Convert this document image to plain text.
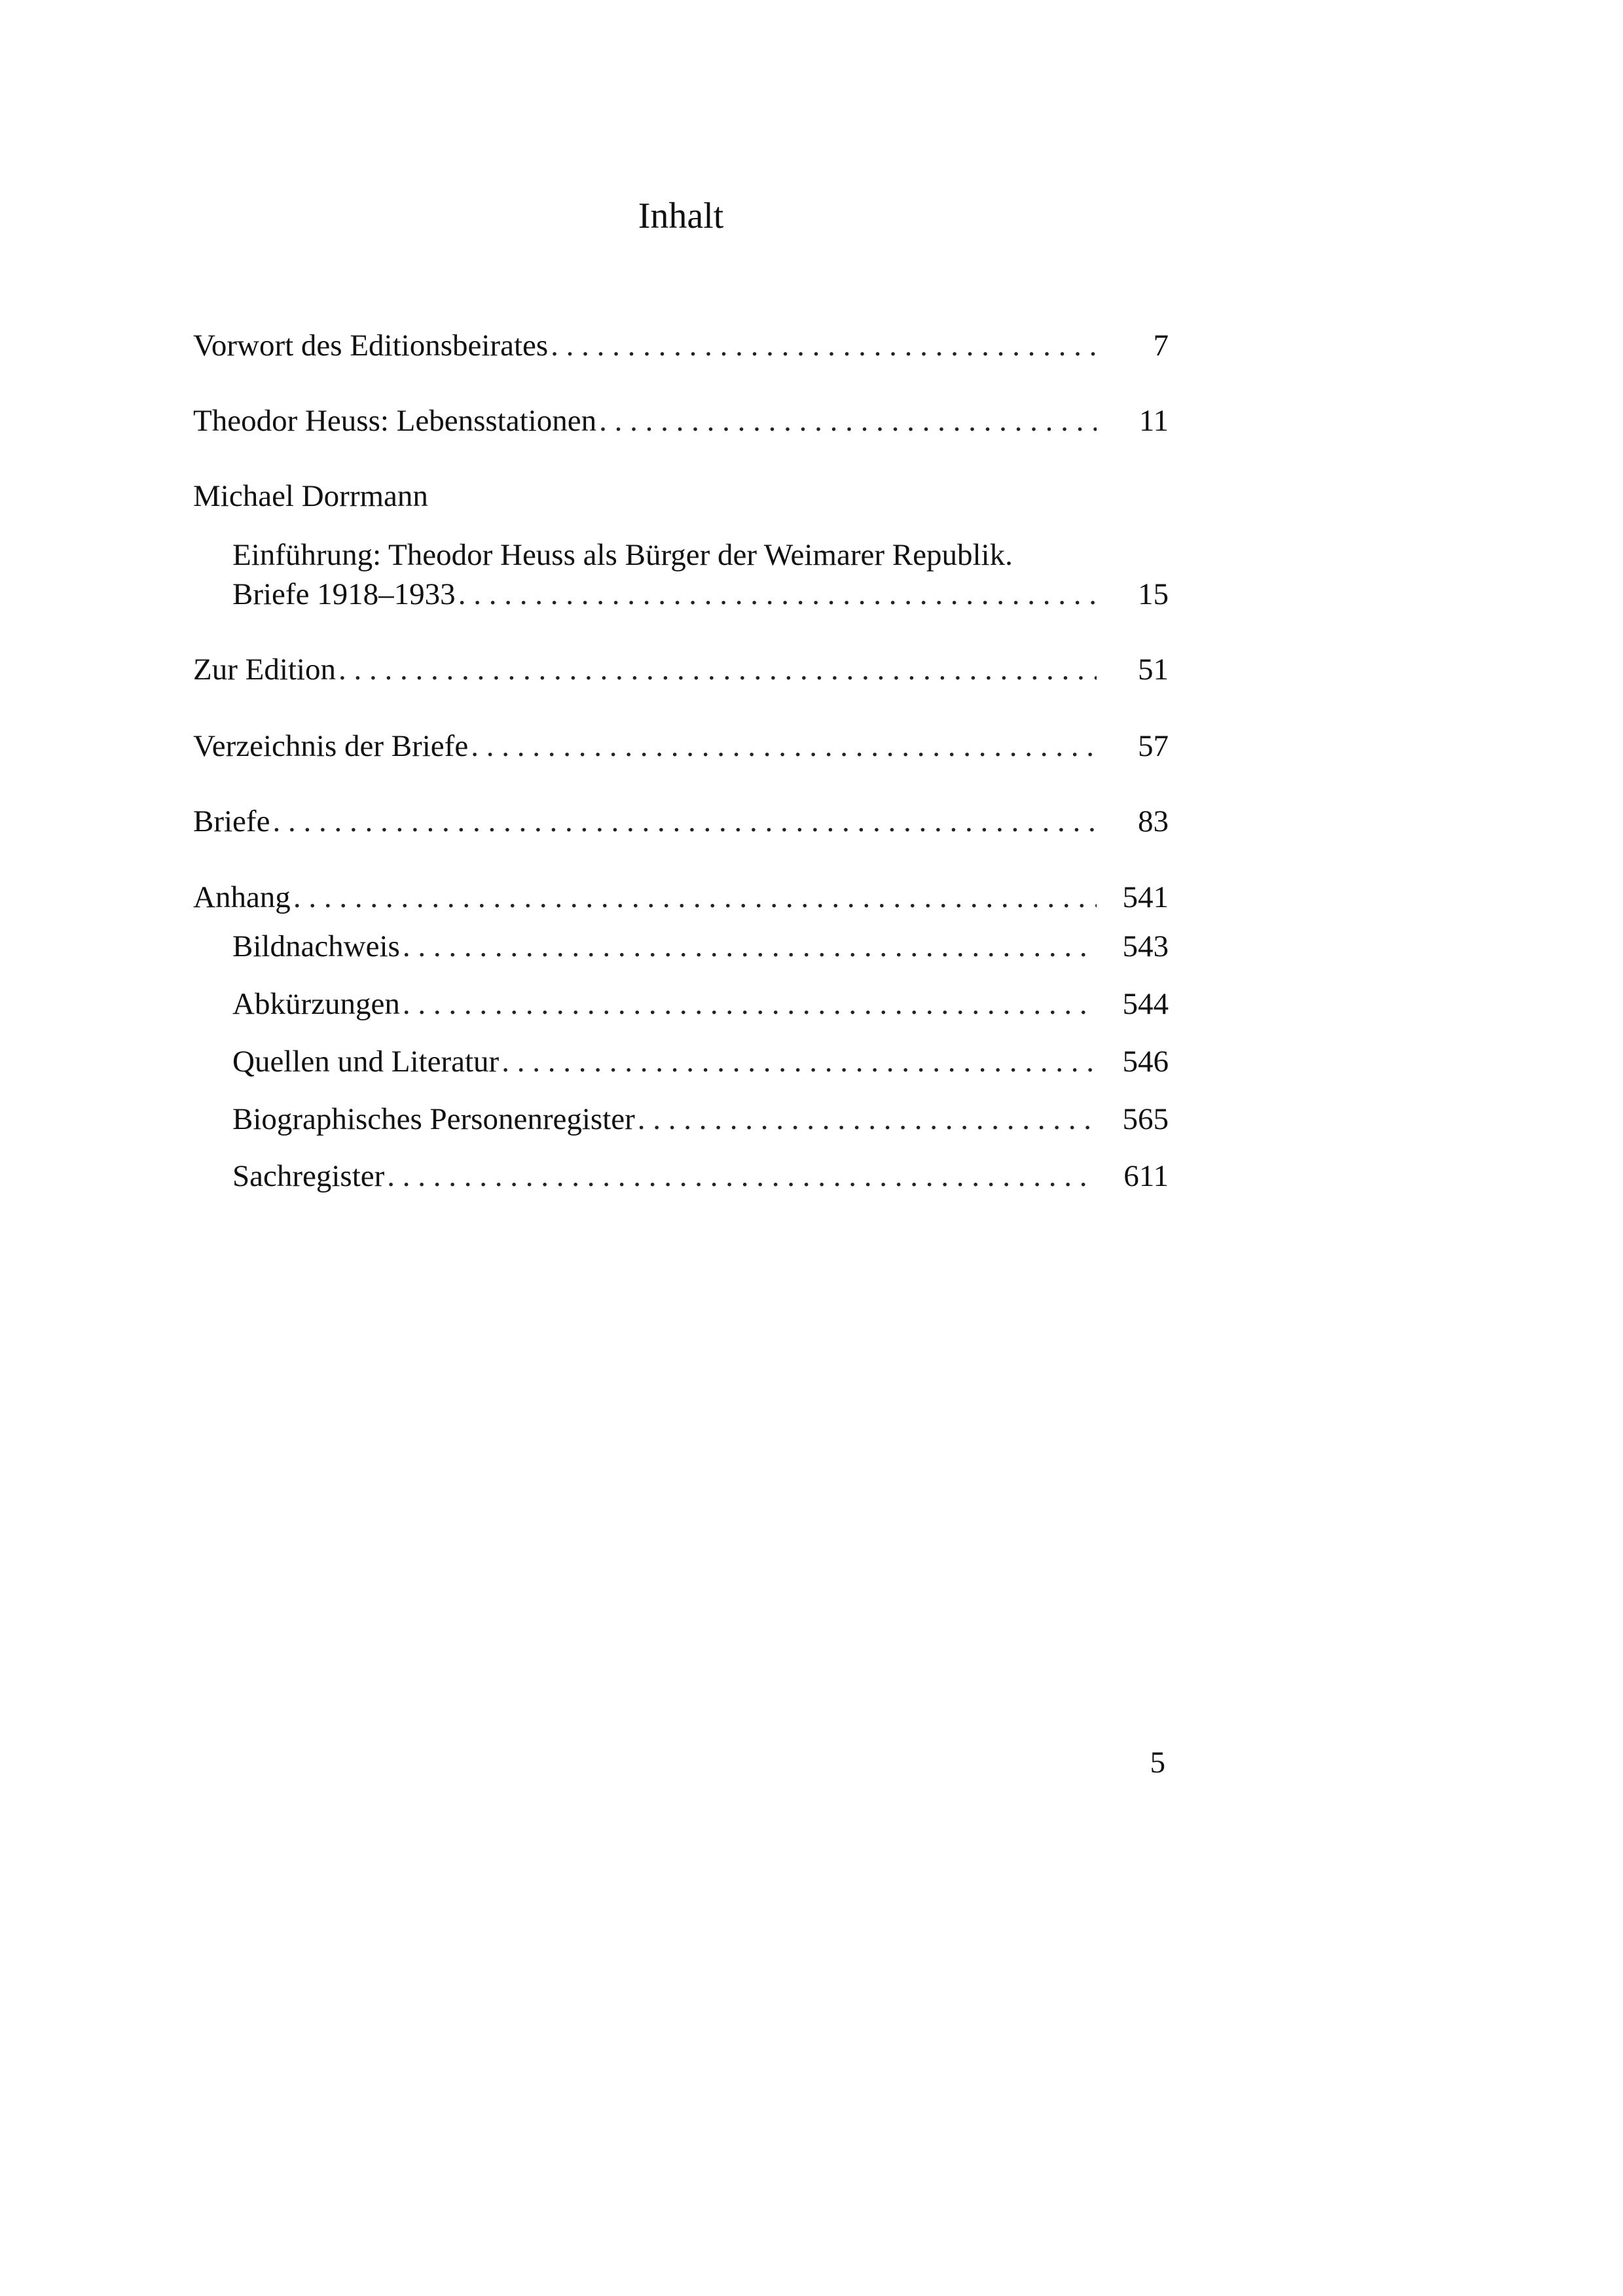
Inhalt
Vorwort des Editionsbeirates . . .	7
Theodor Heuss: Lebensstationen . . .	11
Michael Dorrmann
Einführung: Theodor Heuss als Bürger der Weimarer Republik.
Briefe 1918–1933 . . .	15
Zur Edition . . .	51
Verzeichnis der Briefe . . .	57
Briefe . . .	83
Anhang . . .	541
Bildnachweis . . .	543
Abkürzungen . . .	544
Quellen und Literatur . . .	546
Biographisches Personenregister . . .	565
Sachregister . . .	611
5
